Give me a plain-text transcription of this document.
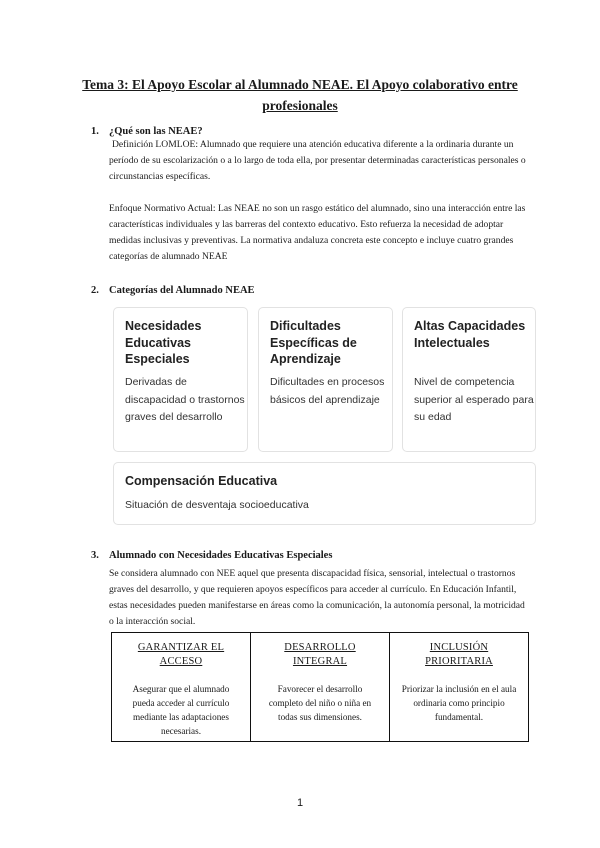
Tema 3: El Apoyo Escolar al Alumnado NEAE. El Apoyo colaborativo entre profesionales
1. ¿Qué son las NEAE?
Definición LOMLOE: Alumnado que requiere una atención educativa diferente a la ordinaria durante un período de su escolarización o a lo largo de toda ella, por presentar determinadas características personales o circunstancias específicas.
Enfoque Normativo Actual: Las NEAE no son un rasgo estático del alumnado, sino una interacción entre las características individuales y las barreras del contexto educativo. Esto refuerza la necesidad de adoptar medidas inclusivas y preventivas. La normativa andaluza concreta este concepto e incluye cuatro grandes categorías de alumnado NEAE
2. Categorías del Alumnado NEAE
Necesidades Educativas Especiales
Derivadas de discapacidad o trastornos graves del desarrollo
Dificultades Específicas de Aprendizaje
Dificultades en procesos básicos del aprendizaje
Altas Capacidades Intelectuales
Nivel de competencia superior al esperado para su edad
Compensación Educativa
Situación de desventaja socioeducativa
3. Alumnado con Necesidades Educativas Especiales
Se considera alumnado con NEE aquel que presenta discapacidad física, sensorial, intelectual o trastornos graves del desarrollo, y que requieren apoyos específicos para acceder al currículo. En Educación Infantil, estas necesidades pueden manifestarse en áreas como la comunicación, la autonomía personal, la motricidad o la interacción social.
GARANTIZAR EL ACCESO
Asegurar que el alumnado pueda acceder al currículo mediante las adaptaciones necesarias.
DESARROLLO INTEGRAL
Favorecer el desarrollo completo del niño o niña en todas sus dimensiones.
INCLUSIÓN PRIORITARIA
Priorizar la inclusión en el aula ordinaria como principio fundamental.
1
